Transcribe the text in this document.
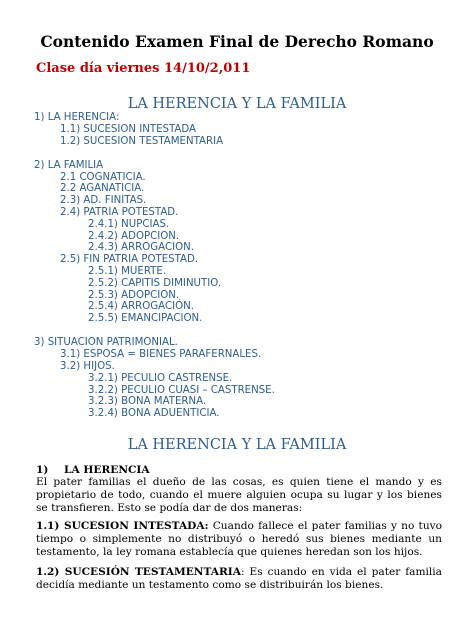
Contenido Examen Final de Derecho Romano
Clase día viernes 14/10/2,011
LA HERENCIA Y LA FAMILIA
1) LA HERENCIA:
1.1) SUCESION INTESTADA
1.2) SUCESION TESTAMENTARIA
2) LA FAMILIA
2.1 COGNATICIA.
2.2 AGANATICIA.
2.3) AD. FINITAS.
2.4) PATRIA POTESTAD.
2.4.1) NUPCIAS.
2.4.2) ADOPCION.
2.4.3) ARROGACION.
2.5) FIN PATRIA POTESTAD.
2.5.1) MUERTE.
2.5.2) CAPITIS DIMINUTIO.
2.5.3) ADOPCION.
2.5.4) ARROGACIÓN.
2.5.5) EMANCIPACION.
3) SITUACION PATRIMONIAL.
3.1) ESPOSA = BIENES PARAFERNALES.
3.2) HIJOS.
3.2.1) PECULIO CASTRENSE.
3.2.2) PECULIO CUASI – CASTRENSE.
3.2.3) BONA MATERNA.
3.2.4) BONA ADUENTICIA.
LA HERENCIA Y LA FAMILIA
1) LA HERENCIA
El pater familias el dueño de las cosas, es quien tiene el mando y es propietario de todo, cuando el muere alguien ocupa su lugar y los bienes se transfieren. Esto se podía dar de dos maneras:
1.1) SUCESION INTESTADA: Cuando fallece el pater familias y no tuvo tiempo o simplemente no distribuyó o heredó sus bienes mediante un testamento, la ley romana establecía que quienes heredan son los hijos.
1.2) SUCESIÓN TESTAMENTARIA: Es cuando en vida el pater familia decidía mediante un testamento como se distribuirán los bienes.
